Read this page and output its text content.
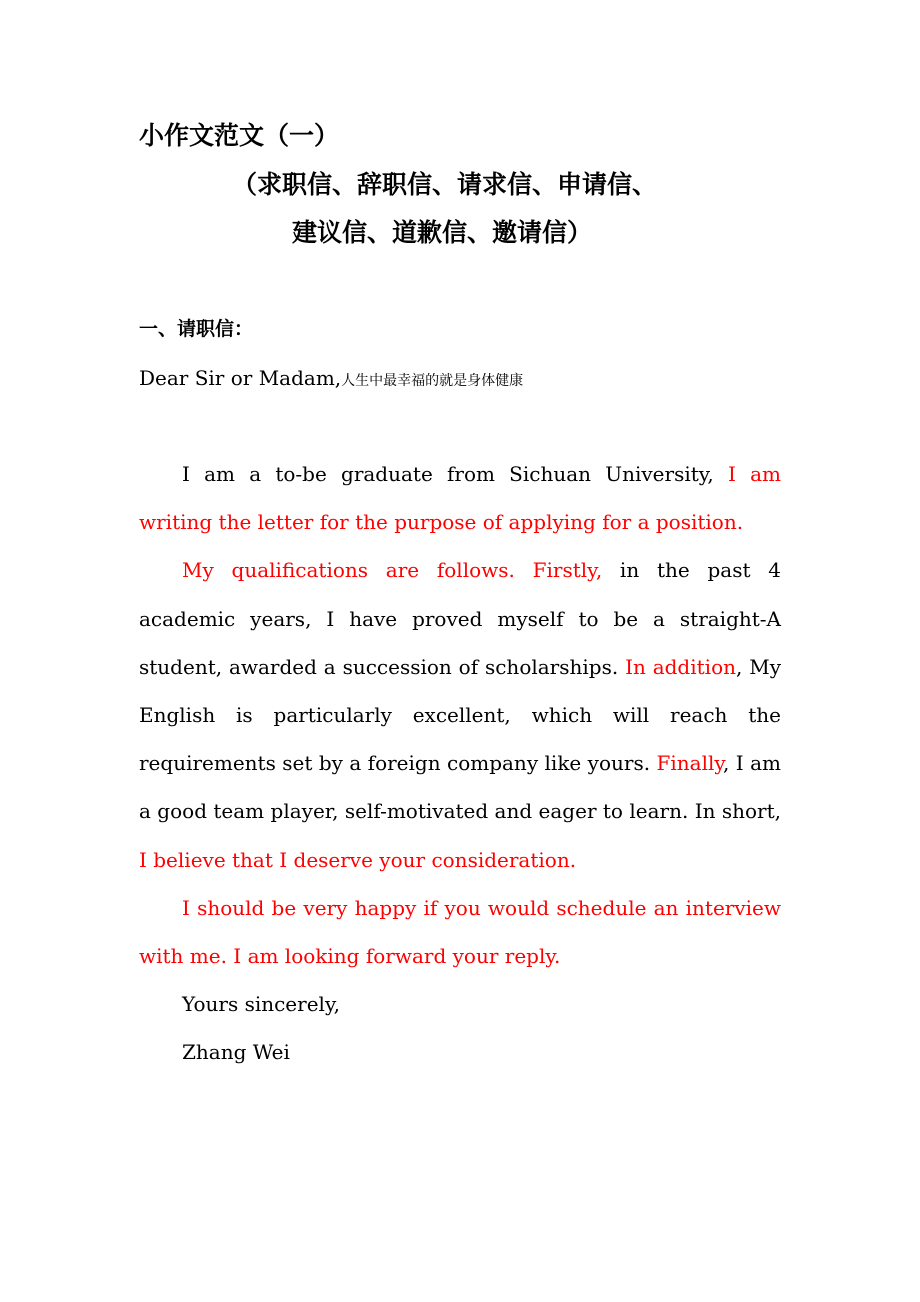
小作文范文（一）
（求职信、辞职信、请求信、申请信、
建议信、道歉信、邀请信）
一、请职信：
Dear Sir or Madam,人生中最幸福的就是身体健康

I am a to-be graduate from Sichuan University, I am writing the letter for the purpose of applying for a position.

My qualifications are follows. Firstly, in the past 4 academic years, I have proved myself to be a straight-A student, awarded a succession of scholarships. In addition, My English is particularly excellent, which will reach the requirements set by a foreign company like yours. Finally, I am a good team player, self-motivated and eager to learn. In short, I believe that I deserve your consideration.

I should be very happy if you would schedule an interview with me. I am looking forward your reply.

Yours sincerely,

Zhang Wei
